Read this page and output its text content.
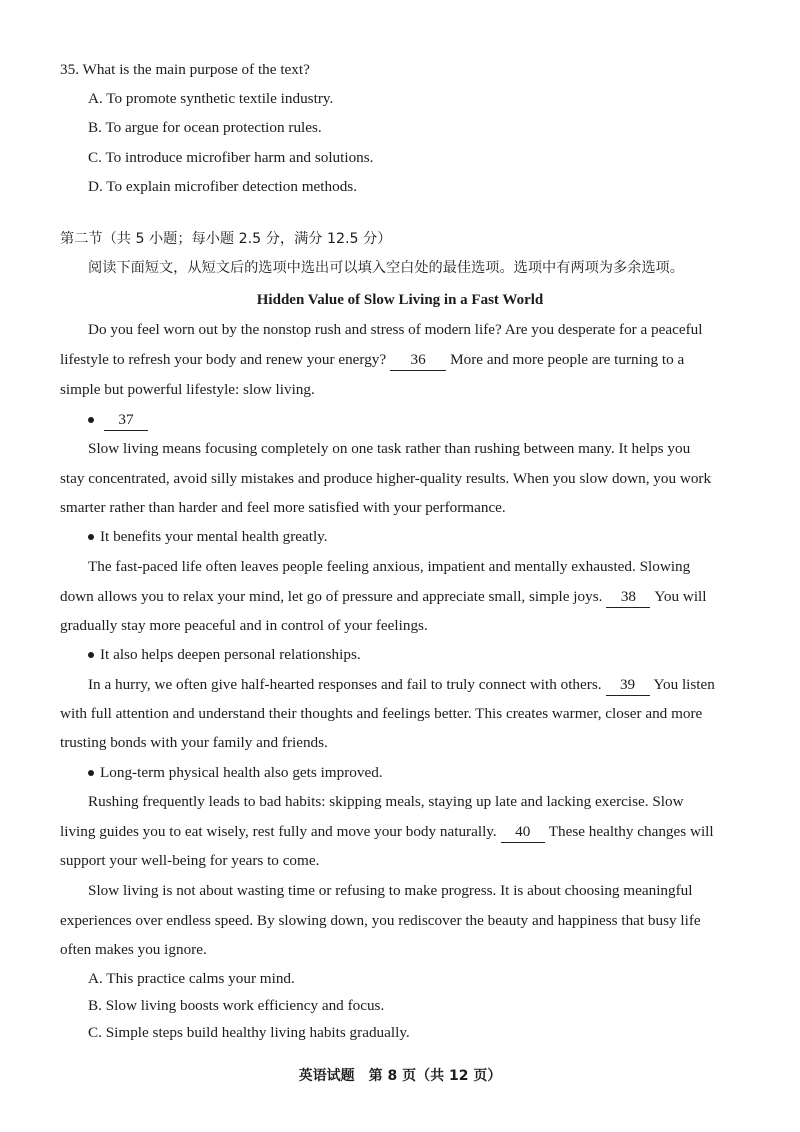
35. What is the main purpose of the text?
A. To promote synthetic textile industry.
B. To argue for ocean protection rules.
C. To introduce microfiber harm and solutions.
D. To explain microfiber detection methods.
第二节（共 5 小题；每小题 2.5 分，满分 12.5 分）
阅读下面短文，从短文后的选项中选出可以填入空白处的最佳选项。选项中有两项为多余选项。
Hidden Value of Slow Living in a Fast World
Do you feel worn out by the nonstop rush and stress of modern life? Are you desperate for a peaceful
lifestyle to refresh your body and renew your energy? 36 More and more people are turning to a
simple but powerful lifestyle: slow living.
37
Slow living means focusing completely on one task rather than rushing between many. It helps you
stay concentrated, avoid silly mistakes and produce higher-quality results. When you slow down, you work
smarter rather than harder and feel more satisfied with your performance.
It benefits your mental health greatly.
The fast-paced life often leaves people feeling anxious, impatient and mentally exhausted. Slowing
down allows you to relax your mind, let go of pressure and appreciate small, simple joys. 38 You will
gradually stay more peaceful and in control of your feelings.
It also helps deepen personal relationships.
In a hurry, we often give half-hearted responses and fail to truly connect with others. 39 You listen
with full attention and understand their thoughts and feelings better. This creates warmer, closer and more
trusting bonds with your family and friends.
Long-term physical health also gets improved.
Rushing frequently leads to bad habits: skipping meals, staying up late and lacking exercise. Slow
living guides you to eat wisely, rest fully and move your body naturally. 40 These healthy changes will
support your well-being for years to come.
Slow living is not about wasting time or refusing to make progress. It is about choosing meaningful
experiences over endless speed. By slowing down, you rediscover the beauty and happiness that busy life
often makes you ignore.
A. This practice calms your mind.
B. Slow living boosts work efficiency and focus.
C. Simple steps build healthy living habits gradually.
英语试题　第 8 页（共 12 页）
